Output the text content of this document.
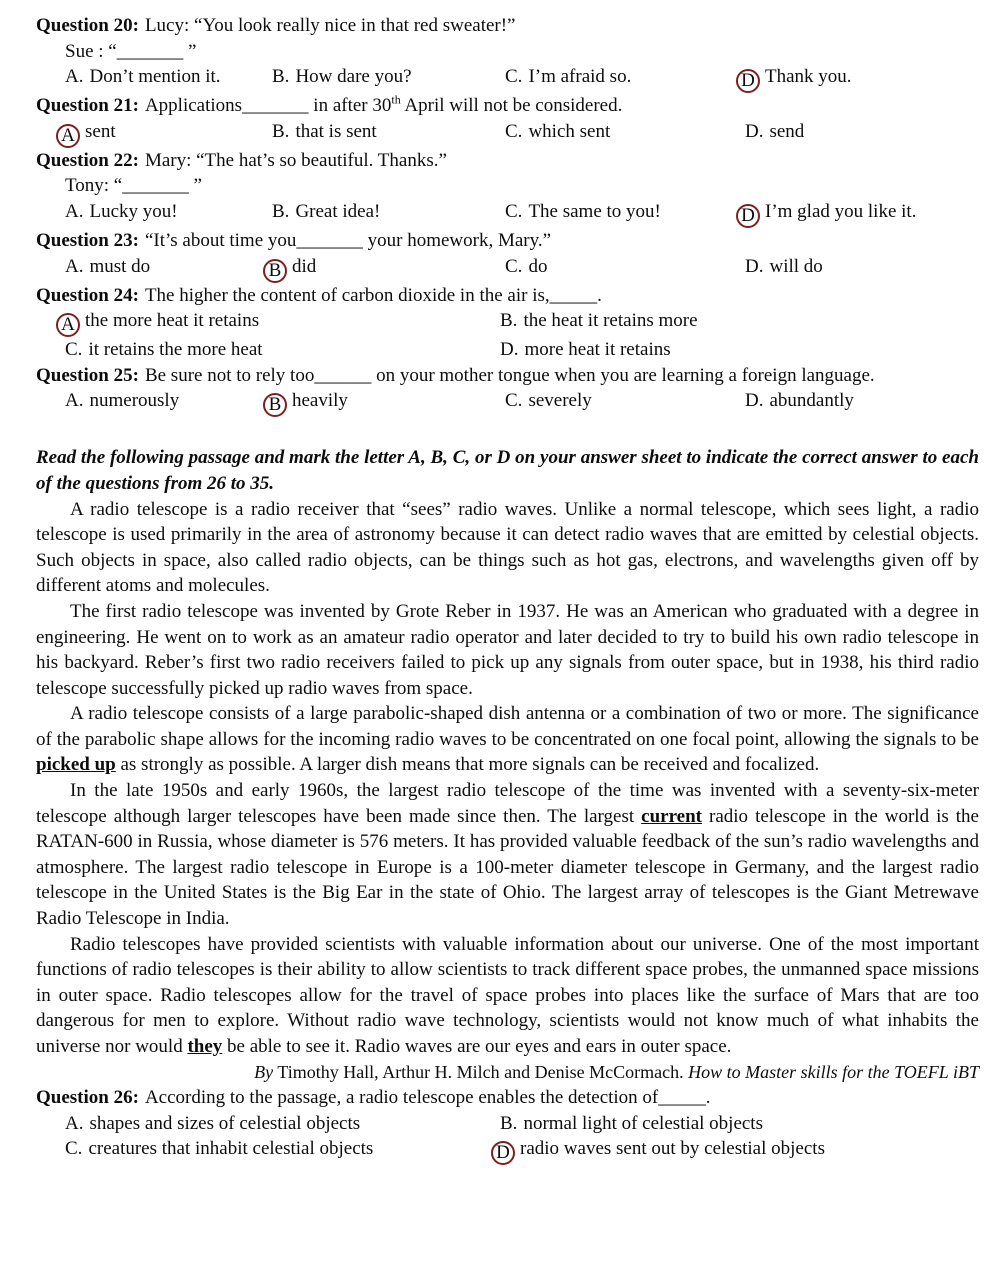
Question 20: Lucy: “You look really nice in that red sweater!”
Sue : “_______ ”
A. Don’t mention it.	B. How dare you?	C. I’m afraid so.	D Thank you.
Question 21: Applications_______ in after 30th April will not be considered.
A sent	B. that is sent	C. which sent	D. send
Question 22: Mary: “The hat’s so beautiful. Thanks.”
Tony: “_______ ”
A. Lucky you!	B. Great idea!	C. The same to you!	D I’m glad you like it.
Question 23: “It’s about time you_______ your homework, Mary.”
A. must do	B did	C. do	D. will do
Question 24: The higher the content of carbon dioxide in the air is,_____.
A the more heat it retains	B. the heat it retains more
C. it retains the more heat	D. more heat it retains
Question 25: Be sure not to rely too______ on your mother tongue when you are learning a foreign language.
A. numerously	B heavily	C. severely	D. abundantly
Read the following passage and mark the letter A, B, C, or D on your answer sheet to indicate the correct answer to each of the questions from 26 to 35.

A radio telescope is a radio receiver that “sees” radio waves. Unlike a normal telescope, which sees light, a radio telescope is used primarily in the area of astronomy because it can detect radio waves that are emitted by celestial objects. Such objects in space, also called radio objects, can be things such as hot gas, electrons, and wavelengths given off by different atoms and molecules.

The first radio telescope was invented by Grote Reber in 1937. He was an American who graduated with a degree in engineering. He went on to work as an amateur radio operator and later decided to try to build his own radio telescope in his backyard. Reber’s first two radio receivers failed to pick up any signals from outer space, but in 1938, his third radio telescope successfully picked up radio waves from space.

A radio telescope consists of a large parabolic-shaped dish antenna or a combination of two or more. The significance of the parabolic shape allows for the incoming radio waves to be concentrated on one focal point, allowing the signals to be picked up as strongly as possible. A larger dish means that more signals can be received and focalized.

In the late 1950s and early 1960s, the largest radio telescope of the time was invented with a seventy-six-meter telescope although larger telescopes have been made since then. The largest current radio telescope in the world is the RATAN-600 in Russia, whose diameter is 576 meters. It has provided valuable feedback of the sun’s radio wavelengths and atmosphere. The largest radio telescope in Europe is a 100-meter diameter telescope in Germany, and the largest radio telescope in the United States is the Big Ear in the state of Ohio. The largest array of telescopes is the Giant Metrewave Radio Telescope in India.

Radio telescopes have provided scientists with valuable information about our universe. One of the most important functions of radio telescopes is their ability to allow scientists to track different space probes, the unmanned space missions in outer space. Radio telescopes allow for the travel of space probes into places like the surface of Mars that are too dangerous for men to explore. Without radio wave technology, scientists would not know much of what inhabits the universe nor would they be able to see it. Radio waves are our eyes and ears in outer space.

By Timothy Hall, Arthur H. Milch and Denise McCormach. How to Master skills for the TOEFL iBT
Question 26: According to the passage, a radio telescope enables the detection of_____.
A. shapes and sizes of celestial objects	B. normal light of celestial objects
C. creatures that inhabit celestial objects	D radio waves sent out by celestial objects
